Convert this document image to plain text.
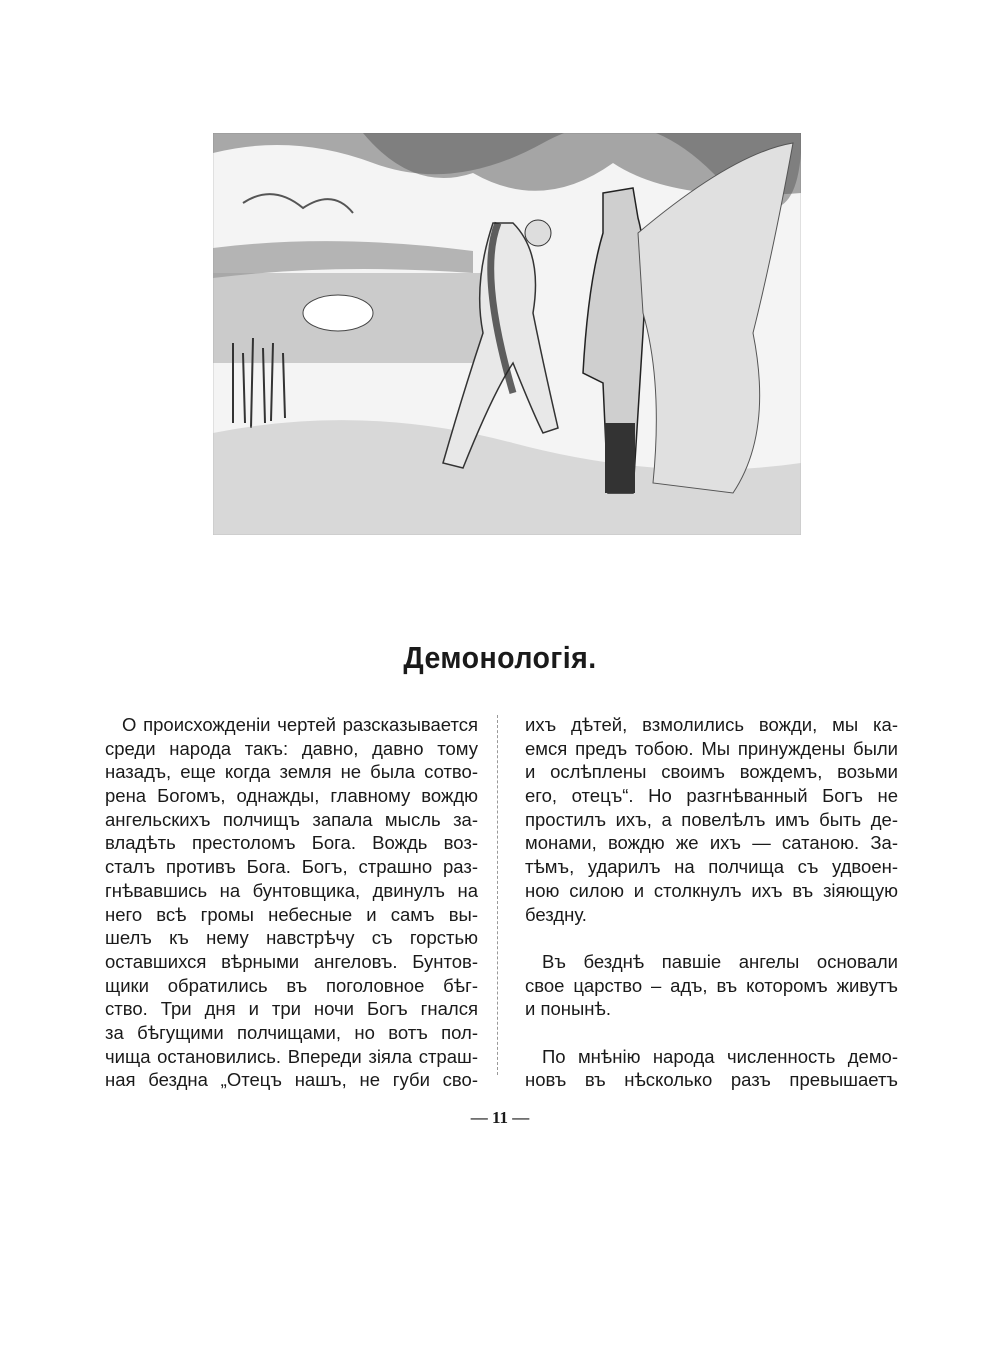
Демонологія.
О происхожденіи чертей разсказывается
среди народа такъ: давно, давно тому
назадъ, еще когда земля не была сотво-
рена Богомъ, однажды, главному вождю
ангельскихъ полчищъ запала мысль за-
владѣть престоломъ Бога. Вождь воз-
сталъ противъ Бога. Богъ, страшно раз-
гнѣвавшись на бунтовщика, двинулъ на
него всѣ громы небесные и самъ вы-
шелъ къ нему навстрѣчу съ горстью
оставшихся вѣрными ангеловъ. Бунтов-
щики обратились въ поголовное бѣг-
ство. Три дня и три ночи Богъ гнался
за бѣгущими полчищами, но вотъ пол-
чища остановились. Впереди зіяла страш-
ная бездна „Отецъ нашъ, не губи сво-
ихъ дѣтей, взмолились вожди, мы ка-
емся предъ тобою. Мы принуждены были
и ослѣплены своимъ вождемъ, возьми
его, отецъ“. Но разгнѣванный Богъ не
простилъ ихъ, а повелѣлъ имъ быть де-
монами, вождю же ихъ — сатаною. За-
тѣмъ, ударилъ на полчища съ удвоен-
ною силою и столкнулъ ихъ въ зіяющую
бездну.
Въ безднѣ павшіе ангелы основали
свое царство – адъ, въ которомъ живутъ
и понынѣ.
По мнѣнію народа численность демо-
новъ въ нѣсколько разъ превышаетъ
— 11 —
